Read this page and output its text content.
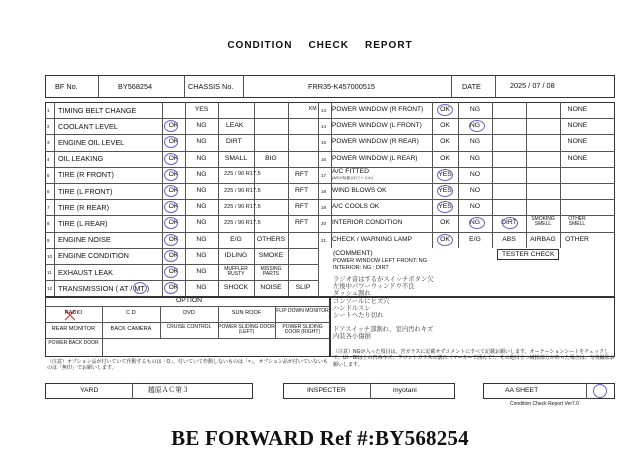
CONDITION CHECK REPORT
BF No.	BY568254	CHASSIS No.	FRR35-K457000515	DATE	2025 / 07 / 08
(COMMENT)
POWER WINDOW LEFT FRONT: NG
INTERIOR: NG : DIRT
TESTER CHECK
ラジオ音はするがスイッチボタン欠
左後中パワーウィンドウ不良
ダッシュ割れ
コンソールにヒズ穴
ハンドルスレ
シートヘたり切れ
ドアスイッチ部割れ、室内汚れキズ
内装各小傷損
OPTION
（注意）オプション品が付いていて作動するものは「O」、付いていて作動しないものは「×」。オプション品が付いていないものは「無印」でお願いします。
（注意）NGが入った項目は、宮ガラスに記載せずコメントにすべて記載お願いします。オーテーションシートをチェックして、UI・BIは上の凹みキズ、フロントガラスの割れ（マーカーで囲んで）、その他目立つ破損部分があった場合は、写真撮影お願いします。
YARD	越原ＡＣ第３	INSPECTER	myotani	AA SHEET
Condition Check Report Ver7.0
BE FORWARD Ref #:BY568254
1 TIMING BELT CHANGE	YES
2 COOLANT LEVEL	OK	NG	LEAK
3 ENGINE OIL LEVEL	OK	NG	DIRT
4 OIL LEAKING	OK	NG	SMALL	BIG
5 TIRE (R FRONT)	OK	NG	225 / 90 R17.5	RFT
6 TIRE (L FRONT)	OK	NG	225 / 90 R17.5	RFT
7 TIRE (R REAR)	OK	NG	225 / 90 R17.5	RFT
8 TIRE (L REAR)	OK	NG	225 / 90 R17.5	RFT
9 ENGINE NOISE	OK	NG	E/G	OTHERS
10 ENGINE CONDITION	OK	NG	IDLING	SMOKE
11 EXHAUST LEAK	OK	NG	MUFFLER RUSTY
MISSING PARTS
12 TRANSMISSION ( AT / MT )	OK	NG	SHOCK	NOISE	SLIP
KM 13 POWER WINDOW (R FRONT)	OK	NG	NONE
14 POWER WINDOW (L FRONT)	OK	NG	NONE
15 POWER WINDOW (R REAR)	OK	NG	NONE
16 POWER WINDOW (L REAR)	OK	NG	NONE
17 A/C FITTED
(A/Cが装備されているか)	YES	NO
18 WIND BLOWS OK	YES	NO
19 A/C COOLS OK	YES	NO
20 INTERIOR CONDITION	OK	NG	DIRT	SMOKING SMELL
OTHER SMELL
21 CHECK / WARNING LAMP	OK	E/G	ABS	AIRBAG	OTHER
RADIO	C D	DVD	SUN ROOF	FLIP DOWN MONITOR
REAR MONITOR	BACK CAMERA	CRUISE CONTROL	POWER SLIDING DOOR (LEFT)
POWER SLIDING DOOR (RIGHT)
POWER BACK DOOR
